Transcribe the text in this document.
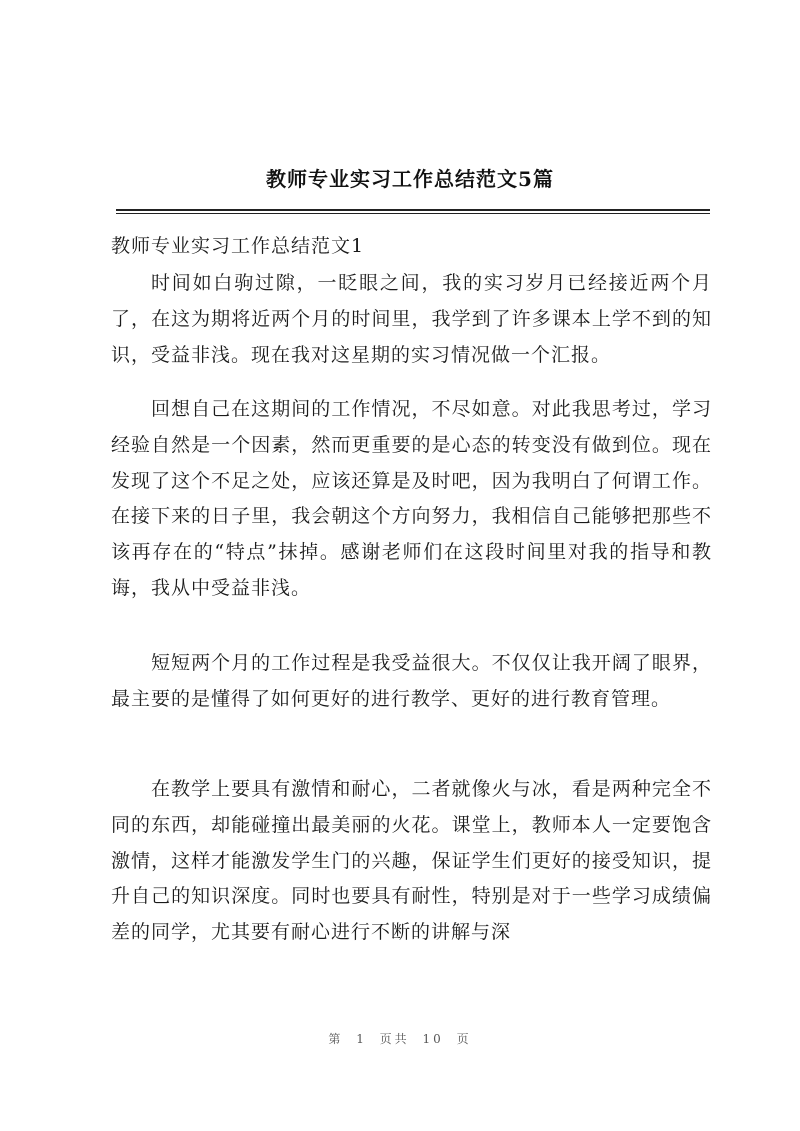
教师专业实习工作总结范文5篇
教师专业实习工作总结范文1

时间如白驹过隙，一眨眼之间，我的实习岁月已经接近两个月了，在这为期将近两个月的时间里，我学到了许多课本上学不到的知识，受益非浅。现在我对这星期的实习情况做一个汇报。

回想自己在这期间的工作情况，不尽如意。对此我思考过，学习经验自然是一个因素，然而更重要的是心态的转变没有做到位。现在发现了这个不足之处，应该还算是及时吧，因为我明白了何谓工作。在接下来的日子里，我会朝这个方向努力，我相信自己能够把那些不该再存在的“特点”抹掉。感谢老师们在这段时间里对我的指导和教诲，我从中受益非浅。

短短两个月的工作过程是我受益很大。不仅仅让我开阔了眼界，最主要的是懂得了如何更好的进行教学、更好的进行教育管理。

在教学上要具有激情和耐心，二者就像火与冰，看是两种完全不同的东西，却能碰撞出最美丽的火花。课堂上，教师本人一定要饱含激情，这样才能激发学生门的兴趣，保证学生们更好的接受知识，提升自己的知识深度。同时也要具有耐性，特别是对于一些学习成绩偏差的同学，尤其要有耐心进行不断的讲解与深

第 1 页共 10 页
